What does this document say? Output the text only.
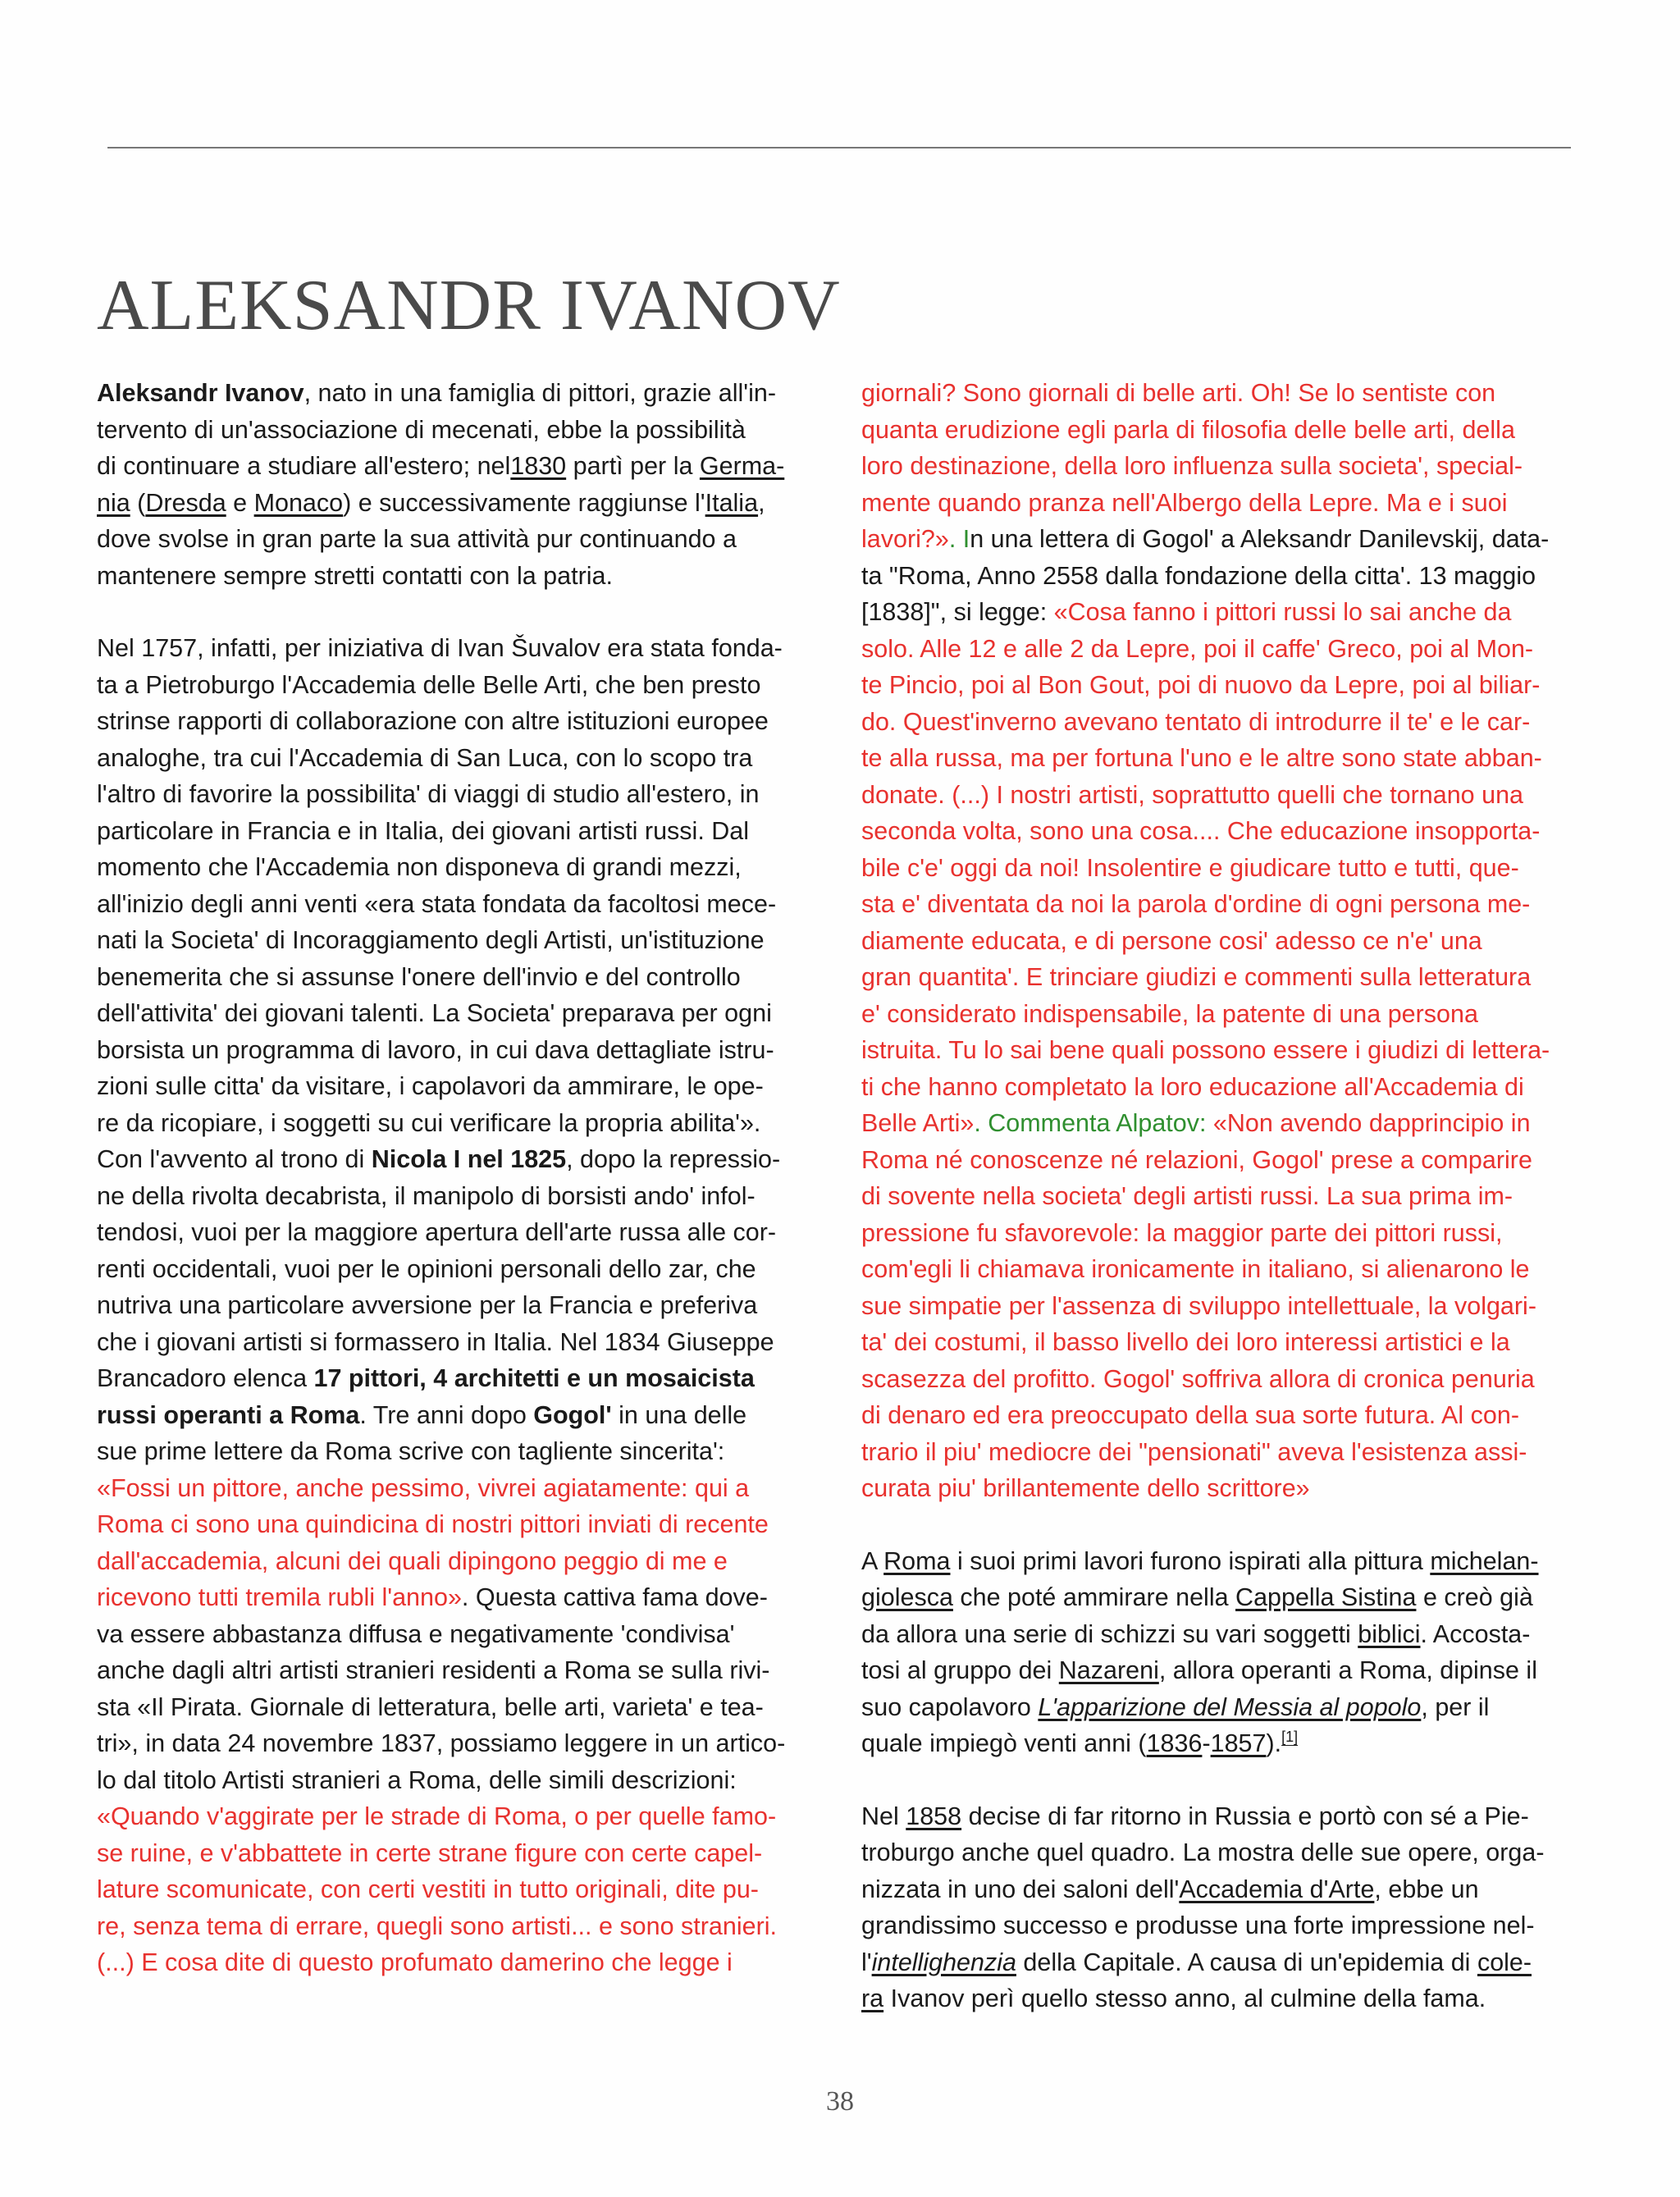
ALEKSANDR IVANOV

Aleksandr Ivanov, nato in una famiglia di pittori, grazie all'in-
tervento di un'associazione di mecenati, ebbe la possibilità
di continuare a studiare all'estero; nel1830 partì per la Germa-
nia (Dresda e Monaco) e successivamente raggiunse l'Italia,
dove svolse in gran parte la sua attività pur continuando a
mantenere sempre stretti contatti con la patria.

Nel 1757, infatti, per iniziativa di Ivan Šuvalov era stata fonda-
ta a Pietroburgo l'Accademia delle Belle Arti, che ben presto
strinse rapporti di collaborazione con altre istituzioni europee
analoghe, tra cui l'Accademia di San Luca, con lo scopo tra
l'altro di favorire la possibilita' di viaggi di studio all'estero, in
particolare in Francia e in Italia, dei giovani artisti russi. Dal
momento che l'Accademia non disponeva di grandi mezzi,
all'inizio degli anni venti «era stata fondata da facoltosi mece-
nati la Societa' di Incoraggiamento degli Artisti, un'istituzione
benemerita che si assunse l'onere dell'invio e del controllo
dell'attivita' dei giovani talenti. La Societa' preparava per ogni
borsista un programma di lavoro, in cui dava dettagliate istru-
zioni sulle citta' da visitare, i capolavori da ammirare, le ope-
re da ricopiare, i soggetti su cui verificare la propria abilita'».
Con l'avvento al trono di Nicola I nel 1825, dopo la repressio-
ne della rivolta decabrista, il manipolo di borsisti ando' infol-
tendosi, vuoi per la maggiore apertura dell'arte russa alle cor-
renti occidentali, vuoi per le opinioni personali dello zar, che
nutriva una particolare avversione per la Francia e preferiva
che i giovani artisti si formassero in Italia. Nel 1834 Giuseppe
Brancadoro elenca 17 pittori, 4 architetti e un mosaicista
russi operanti a Roma. Tre anni dopo Gogol' in una delle
sue prime lettere da Roma scrive con tagliente sincerita':
«Fossi un pittore, anche pessimo, vivrei agiatamente: qui a
Roma ci sono una quindicina di nostri pittori inviati di recente
dall'accademia, alcuni dei quali dipingono peggio di me e
ricevono tutti tremila rubli l'anno». Questa cattiva fama dove-
va essere abbastanza diffusa e negativamente 'condivisa'
anche dagli altri artisti stranieri residenti a Roma se sulla rivi-
sta «Il Pirata. Giornale di letteratura, belle arti, varieta' e tea-
tri», in data 24 novembre 1837, possiamo leggere in un artico-
lo dal titolo Artisti stranieri a Roma, delle simili descrizioni:
«Quando v'aggirate per le strade di Roma, o per quelle famo-
se ruine, e v'abbattete in certe strane figure con certe capel-
lature scomunicate, con certi vestiti in tutto originali, dite pu-
re, senza tema di errare, quegli sono artisti... e sono stranieri.
(...) E cosa dite di questo profumato damerino che legge i

giornali? Sono giornali di belle arti. Oh! Se lo sentiste con
quanta erudizione egli parla di filosofia delle belle arti, della
loro destinazione, della loro influenza sulla societa', special-
mente quando pranza nell'Albergo della Lepre. Ma e i suoi
lavori?». In una lettera di Gogol' a Aleksandr Danilevskij, data-
ta "Roma, Anno 2558 dalla fondazione della citta'. 13 maggio
[1838]", si legge: «Cosa fanno i pittori russi lo sai anche da
solo. Alle 12 e alle 2 da Lepre, poi il caffe' Greco, poi al Mon-
te Pincio, poi al Bon Gout, poi di nuovo da Lepre, poi al biliar-
do. Quest'inverno avevano tentato di introdurre il te' e le car-
te alla russa, ma per fortuna l'uno e le altre sono state abban-
donate. (...) I nostri artisti, soprattutto quelli che tornano una
seconda volta, sono una cosa.... Che educazione insopporta-
bile c'e' oggi da noi! Insolentire e giudicare tutto e tutti, que-
sta e' diventata da noi la parola d'ordine di ogni persona me-
diamente educata, e di persone cosi' adesso ce n'e' una
gran quantita'. E trinciare giudizi e commenti sulla letteratura
e' considerato indispensabile, la patente di una persona
istruita. Tu lo sai bene quali possono essere i giudizi di lettera-
ti che hanno completato la loro educazione all'Accademia di
Belle Arti». Commenta Alpatov: «Non avendo dapprincipio in
Roma né conoscenze né relazioni, Gogol' prese a comparire
di sovente nella societa' degli artisti russi. La sua prima im-
pressione fu sfavorevole: la maggior parte dei pittori russi,
com'egli li chiamava ironicamente in italiano, si alienarono le
sue simpatie per l'assenza di sviluppo intellettuale, la volgari-
ta' dei costumi, il basso livello dei loro interessi artistici e la
scasezza del profitto. Gogol' soffriva allora di cronica penuria
di denaro ed era preoccupato della sua sorte futura. Al con-
trario il piu' mediocre dei "pensionati" aveva l'esistenza assi-
curata piu' brillantemente dello scrittore»

A Roma i suoi primi lavori furono ispirati alla pittura michelan-
giolesca che poté ammirare nella Cappella Sistina e creò già
da allora una serie di schizzi su vari soggetti biblici. Accosta-
tosi al gruppo dei Nazareni, allora operanti a Roma, dipinse il
suo capolavoro L'apparizione del Messia al popolo, per il
quale impiegò venti anni (1836-1857).[1]

Nel 1858 decise di far ritorno in Russia e portò con sé a Pie-
troburgo anche quel quadro. La mostra delle sue opere, orga-
nizzata in uno dei saloni dell'Accademia d'Arte, ebbe un
grandissimo successo e produsse una forte impressione nel-
l'intellighenzia della Capitale. A causa di un'epidemia di cole-
ra Ivanov perì quello stesso anno, al culmine della fama.

38
